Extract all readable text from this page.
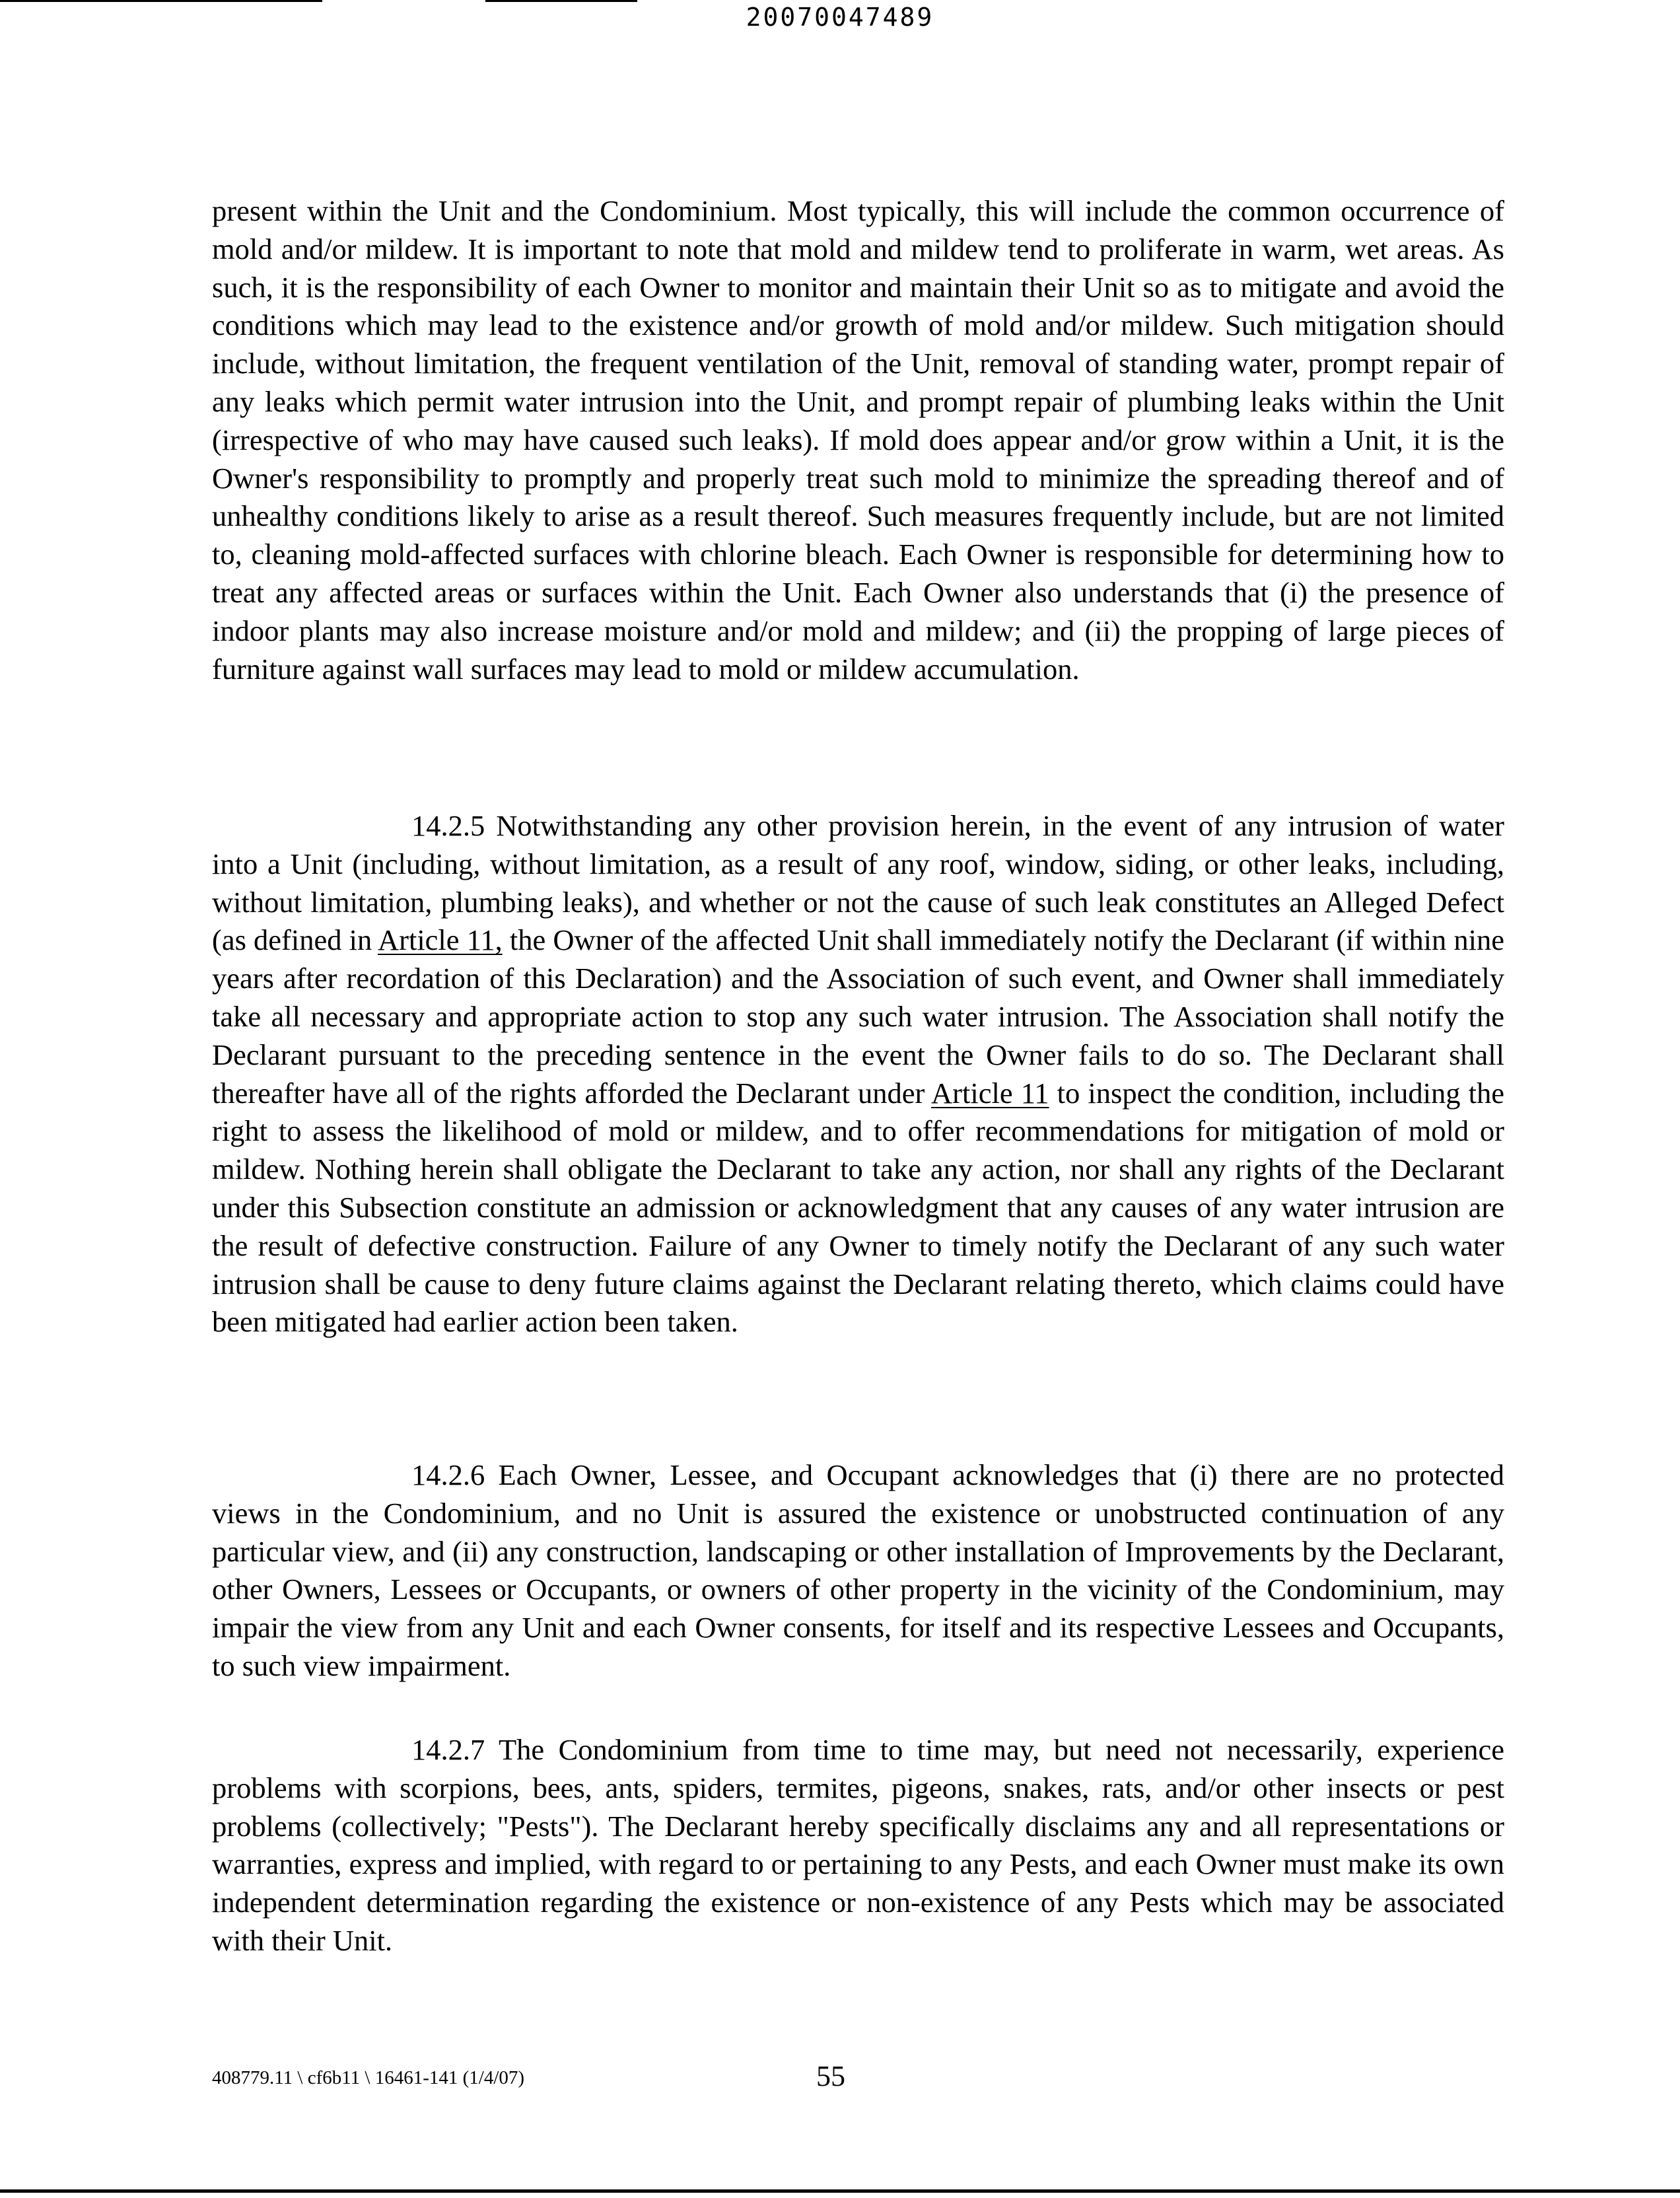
20070047489

present within the Unit and the Condominium. Most typically, this will include the common occurrence of mold and/or mildew. It is important to note that mold and mildew tend to proliferate in warm, wet areas. As such, it is the responsibility of each Owner to monitor and maintain their Unit so as to mitigate and avoid the conditions which may lead to the existence and/or growth of mold and/or mildew. Such mitigation should include, without limitation, the frequent ventilation of the Unit, removal of standing water, prompt repair of any leaks which permit water intrusion into the Unit, and prompt repair of plumbing leaks within the Unit (irrespective of who may have caused such leaks). If mold does appear and/or grow within a Unit, it is the Owner's responsibility to promptly and properly treat such mold to minimize the spreading thereof and of unhealthy conditions likely to arise as a result thereof. Such measures frequently include, but are not limited to, cleaning mold-affected surfaces with chlorine bleach. Each Owner is responsible for determining how to treat any affected areas or surfaces within the Unit. Each Owner also understands that (i) the presence of indoor plants may also increase moisture and/or mold and mildew; and (ii) the propping of large pieces of furniture against wall surfaces may lead to mold or mildew accumulation.

14.2.5 Notwithstanding any other provision herein, in the event of any intrusion of water into a Unit (including, without limitation, as a result of any roof, window, siding, or other leaks, including, without limitation, plumbing leaks), and whether or not the cause of such leak constitutes an Alleged Defect (as defined in Article 11, the Owner of the affected Unit shall immediately notify the Declarant (if within nine years after recordation of this Declaration) and the Association of such event, and Owner shall immediately take all necessary and appropriate action to stop any such water intrusion. The Association shall notify the Declarant pursuant to the preceding sentence in the event the Owner fails to do so. The Declarant shall thereafter have all of the rights afforded the Declarant under Article 11 to inspect the condition, including the right to assess the likelihood of mold or mildew, and to offer recommendations for mitigation of mold or mildew. Nothing herein shall obligate the Declarant to take any action, nor shall any rights of the Declarant under this Subsection constitute an admission or acknowledgment that any causes of any water intrusion are the result of defective construction. Failure of any Owner to timely notify the Declarant of any such water intrusion shall be cause to deny future claims against the Declarant relating thereto, which claims could have been mitigated had earlier action been taken.

14.2.6 Each Owner, Lessee, and Occupant acknowledges that (i) there are no protected views in the Condominium, and no Unit is assured the existence or unobstructed continuation of any particular view, and (ii) any construction, landscaping or other installation of Improvements by the Declarant, other Owners, Lessees or Occupants, or owners of other property in the vicinity of the Condominium, may impair the view from any Unit and each Owner consents, for itself and its respective Lessees and Occupants, to such view impairment.

14.2.7 The Condominium from time to time may, but need not necessarily, experience problems with scorpions, bees, ants, spiders, termites, pigeons, snakes, rats, and/or other insects or pest problems (collectively; "Pests"). The Declarant hereby specifically disclaims any and all representations or warranties, express and implied, with regard to or pertaining to any Pests, and each Owner must make its own independent determination regarding the existence or non-existence of any Pests which may be associated with their Unit.

408779.11 \ cf6b11 \ 16461-141 (1/4/07)	55
